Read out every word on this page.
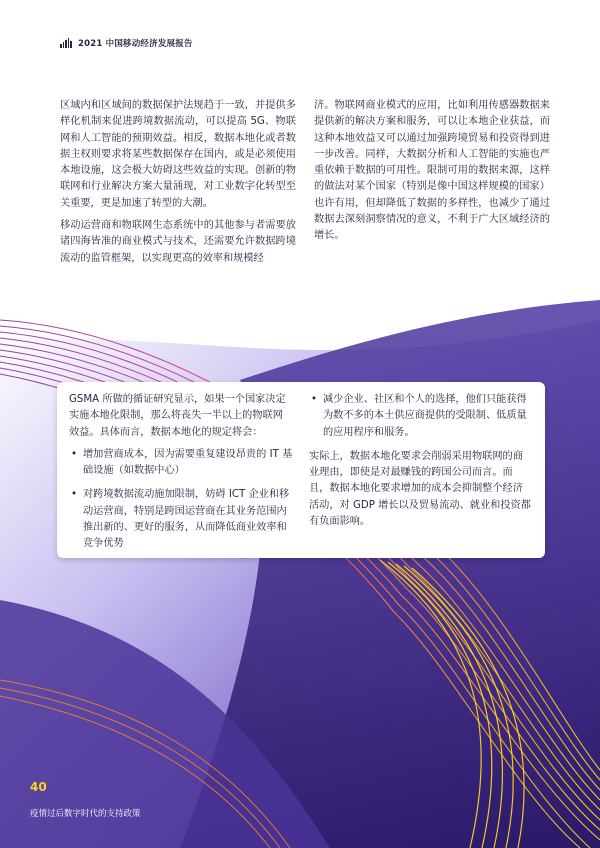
2021 中国移动经济发展报告

区域内和区域间的数据保护法规趋于一致，并提供多样化机制来促进跨境数据流动，可以提高 5G、物联网和人工智能的预期效益。相反，数据本地化或者数据主权则要求将某些数据保存在国内，或是必须使用本地设施，这会极大妨碍这些效益的实现。创新的物联网和行业解决方案大量涌现，对工业数字化转型至关重要，更是加速了转型的大潮。

移动运营商和物联网生态系统中的其他参与者需要放诸四海皆准的商业模式与技术，还需要允许数据跨境流动的监管框架，以实现更高的效率和规模经

济。物联网商业模式的应用，比如利用传感器数据来提供新的解决方案和服务，可以让本地企业获益，而这种本地效益又可以通过加强跨境贸易和投资得到进一步改善。同样，大数据分析和人工智能的实施也严重依赖于数据的可用性。限制可用的数据来源，这样的做法对某个国家（特别是像中国这样规模的国家）也许有用，但却降低了数据的多样性，也减少了通过数据去深刻洞察情况的意义，不利于广大区域经济的增长。

GSMA 所做的循证研究显示，如果一个国家决定实施本地化限制，那么将丧失一半以上的物联网效益。具体而言，数据本地化的规定将会：

• 增加营商成本，因为需要重复建设昂贵的 IT 基础设施（如数据中心）
• 对跨境数据流动施加限制，妨碍 ICT 企业和移动运营商，特别是跨国运营商在其业务范围内推出新的、更好的服务，从而降低商业效率和竞争优势
• 减少企业、社区和个人的选择，他们只能获得为数不多的本土供应商提供的受限制、低质量的应用程序和服务。

实际上，数据本地化要求会削弱采用物联网的商业理由，即使是对最赚钱的跨国公司而言。而且，数据本地化要求增加的成本会抑制整个经济活动，对 GDP 增长以及贸易流动、就业和投资都有负面影响。

40
疫情过后数字时代的支持政策
